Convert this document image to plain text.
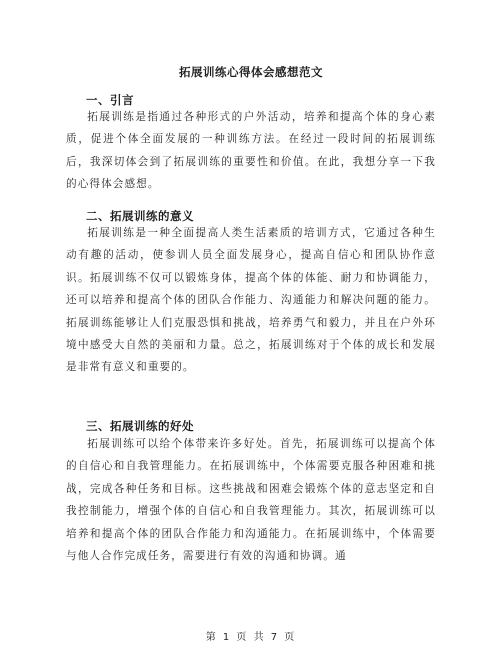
拓展训练心得体会感想范文
一、引言
拓展训练是指通过各种形式的户外活动，培养和提高个体的身心素质，促进个体全面发展的一种训练方法。在经过一段时间的拓展训练后，我深切体会到了拓展训练的重要性和价值。在此，我想分享一下我的心得体会感想。
二、拓展训练的意义
拓展训练是一种全面提高人类生活素质的培训方式，它通过各种生动有趣的活动，使参训人员全面发展身心，提高自信心和团队协作意识。拓展训练不仅可以锻炼身体，提高个体的体能、耐力和协调能力，还可以培养和提高个体的团队合作能力、沟通能力和解决问题的能力。拓展训练能够让人们克服恐惧和挑战，培养勇气和毅力，并且在户外环境中感受大自然的美丽和力量。总之，拓展训练对于个体的成长和发展是非常有意义和重要的。
三、拓展训练的好处
拓展训练可以给个体带来许多好处。首先，拓展训练可以提高个体的自信心和自我管理能力。在拓展训练中，个体需要克服各种困难和挑战，完成各种任务和目标。这些挑战和困难会锻炼个体的意志坚定和自我控制能力，增强个体的自信心和自我管理能力。其次，拓展训练可以培养和提高个体的团队合作能力和沟通能力。在拓展训练中，个体需要与他人合作完成任务，需要进行有效的沟通和协调。通
第 1 页 共 7 页
